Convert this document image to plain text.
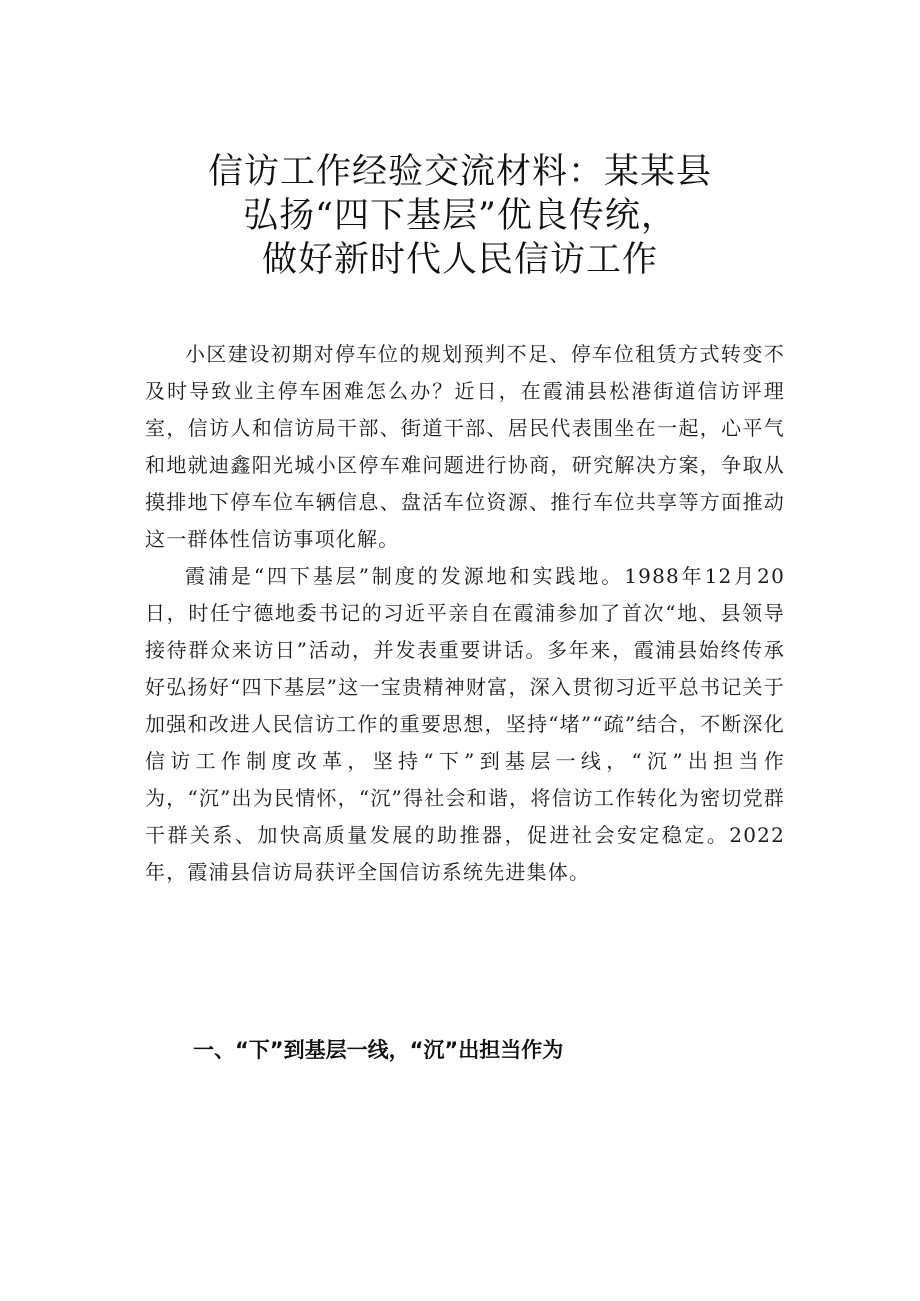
信访工作经验交流材料：某某县
弘扬“四下基层”优良传统，
做好新时代人民信访工作

小区建设初期对停车位的规划预判不足、停车位租赁方式转变不及时导致业主停车困难怎么办？近日，在霞浦县松港街道信访评理室，信访人和信访局干部、街道干部、居民代表围坐在一起，心平气和地就迪鑫阳光城小区停车难问题进行协商，研究解决方案，争取从摸排地下停车位车辆信息、盘活车位资源、推行车位共享等方面推动这一群体性信访事项化解。

霞浦是“四下基层”制度的发源地和实践地。1988年12月20日，时任宁德地委书记的习近平亲自在霞浦参加了首次“地、县领导接待群众来访日”活动，并发表重要讲话。多年来，霞浦县始终传承好弘扬好“四下基层”这一宝贵精神财富，深入贯彻习近平总书记关于加强和改进人民信访工作的重要思想，坚持“堵”“疏”结合，不断深化信访工作制度改革，坚持“下”到基层一线，“沉”出担当作为，“沉”出为民情怀，“沉”得社会和谐，将信访工作转化为密切党群干群关系、加快高质量发展的助推器，促进社会安定稳定。2022年，霞浦县信访局获评全国信访系统先进集体。

一、“下”到基层一线，“沉”出担当作为
